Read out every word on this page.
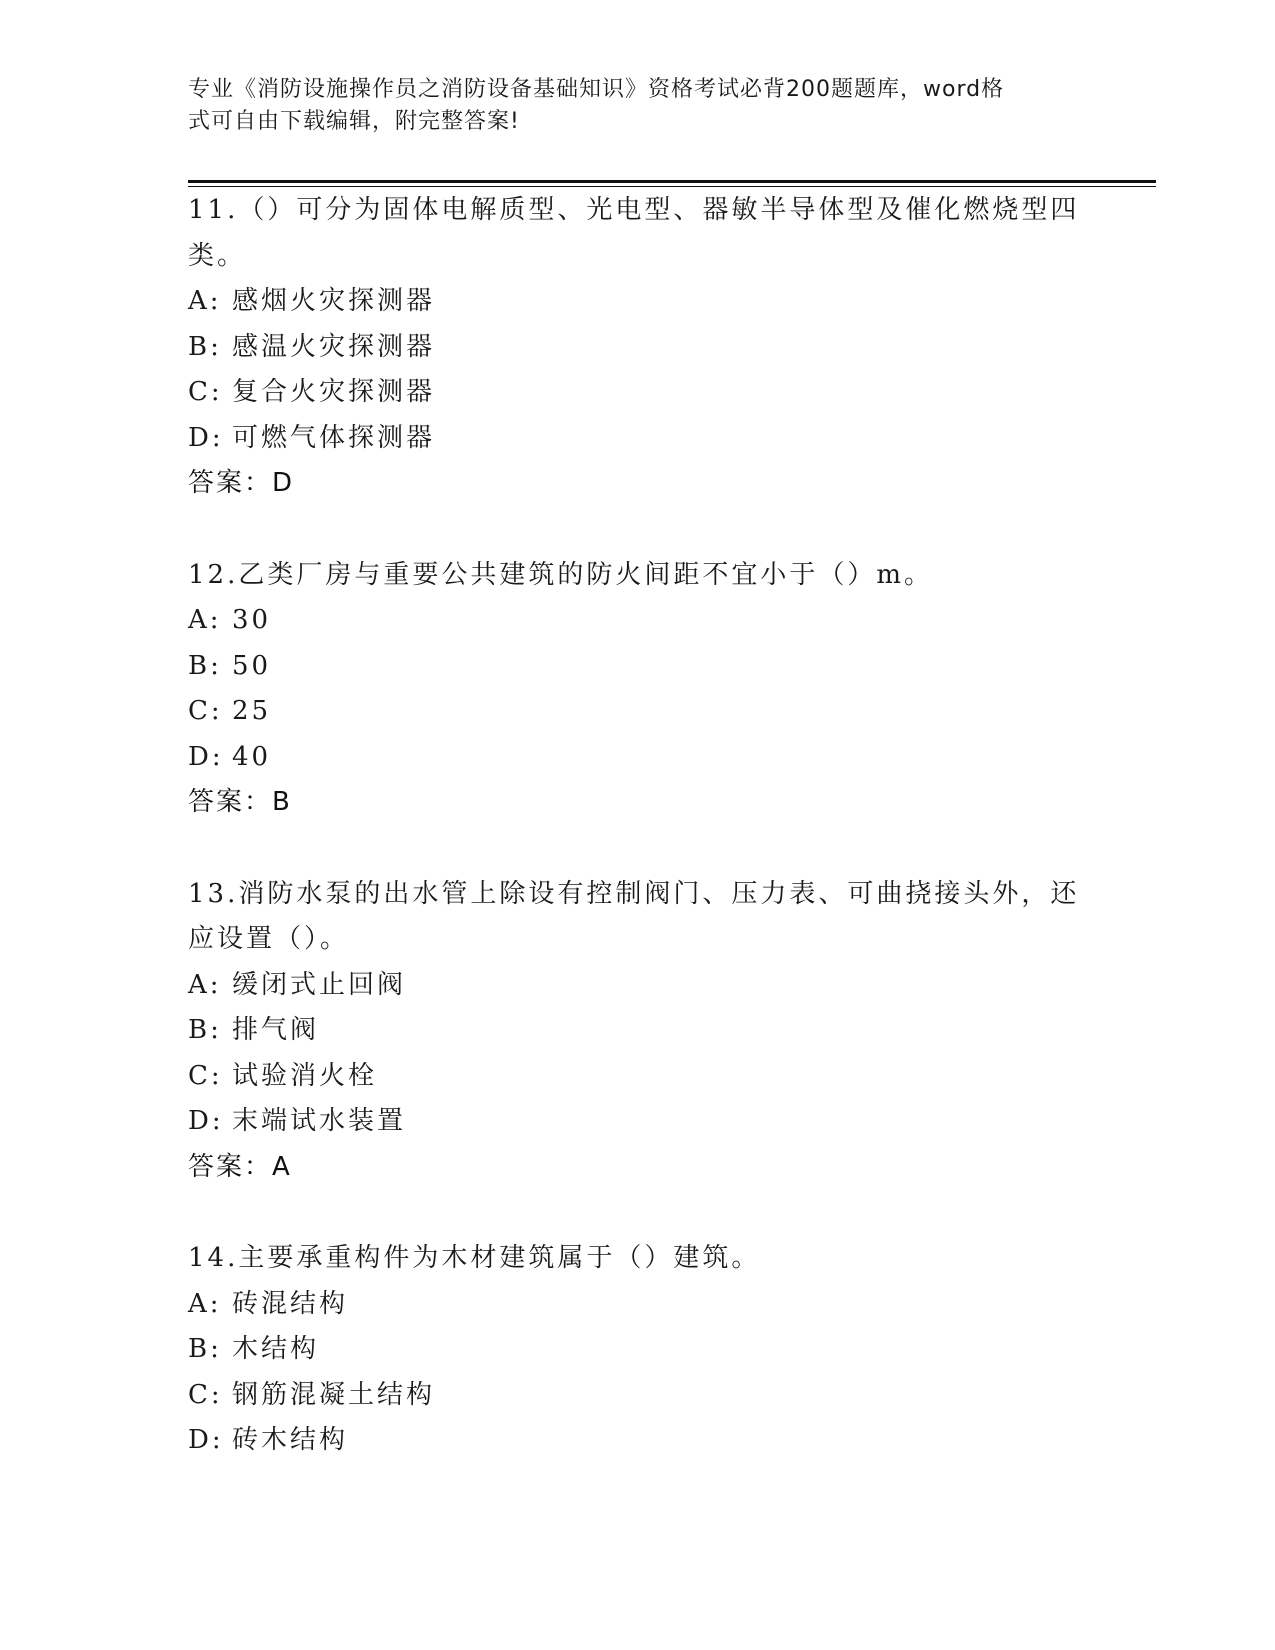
专业《消防设施操作员之消防设备基础知识》资格考试必背200题题库，word格
式可自由下载编辑，附完整答案!

11.（）可分为固体电解质型、光电型、器敏半导体型及催化燃烧型四
类。

A: 感烟火灾探测器

B: 感温火灾探测器

C: 复合火灾探测器

D: 可燃气体探测器

答案：D

12.乙类厂房与重要公共建筑的防火间距不宜小于（）m。

A: 30

B: 50

C: 25

D: 40

答案：B

13.消防水泵的出水管上除设有控制阀门、压力表、可曲挠接头外，还
应设置（）。

A: 缓闭式止回阀

B: 排气阀

C: 试验消火栓

D: 末端试水装置

答案：A

14.主要承重构件为木材建筑属于（）建筑。

A: 砖混结构

B: 木结构

C: 钢筋混凝土结构

D: 砖木结构
